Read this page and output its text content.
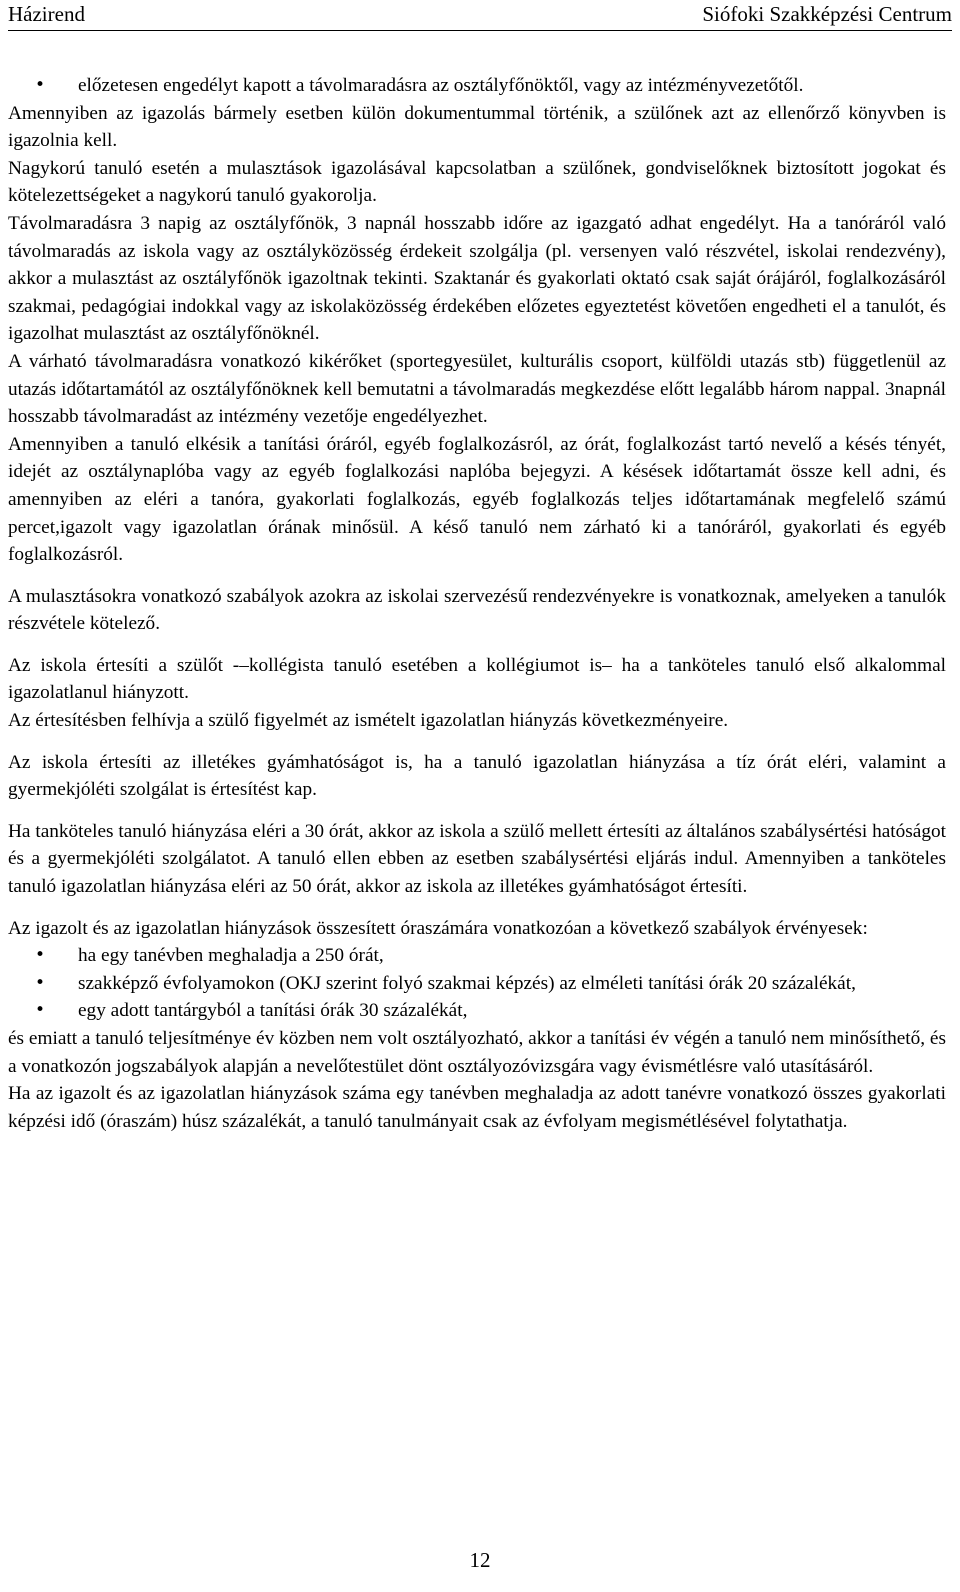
Házirend	Siófoki Szakképzési Centrum
• előzetesen engedélyt kapott a távolmaradásra az osztályfőnöktől, vagy az intézményvezetőtől.

Amennyiben az igazolás bármely esetben külön dokumentummal történik, a szülőnek azt az ellenőrző könyvben is igazolnia kell.

Nagykorú tanuló esetén a mulasztások igazolásával kapcsolatban a szülőnek, gondviselőknek biztosított jogokat és kötelezettségeket a nagykorú tanuló gyakorolja.

Távolmaradásra 3 napig az osztályfőnök, 3 napnál hosszabb időre az igazgató adhat engedélyt. Ha a tanóráról való távolmaradás az iskola vagy az osztályközösség érdekeit szolgálja (pl. versenyen való részvétel, iskolai rendezvény), akkor a mulasztást az osztályfőnök igazoltnak tekinti. Szaktanár és gyakorlati oktató csak saját órájáról, foglalkozásáról szakmai, pedagógiai indokkal vagy az iskolaközösség érdekében előzetes egyeztetést követően engedheti el a tanulót, és igazolhat mulasztást az osztályfőnöknél.

A várható távolmaradásra vonatkozó kikérőket (sportegyesület, kulturális csoport, külföldi utazás stb) függetlenül az utazás időtartamától az osztályfőnöknek kell bemutatni a távolmaradás megkezdése előtt legalább három nappal. 3napnál hosszabb távolmaradást az intézmény vezetője engedélyezhet.

Amennyiben a tanuló elkésik a tanítási óráról, egyéb foglalkozásról, az órát, foglalkozást tartó nevelő a késés tényét, idejét az osztálynaplóba vagy az egyéb foglalkozási naplóba bejegyzi. A késések időtartamát össze kell adni, és amennyiben az eléri a tanóra, gyakorlati foglalkozás, egyéb foglalkozás teljes időtartamának megfelelő számú percet,igazolt vagy igazolatlan órának minősül. A késő tanuló nem zárható ki a tanóráról, gyakorlati és egyéb foglalkozásról.

A mulasztásokra vonatkozó szabályok azokra az iskolai szervezésű rendezvényekre is vonatkoznak, amelyeken a tanulók részvétele kötelező.

Az iskola értesíti a szülőt -–kollégista tanuló esetében a kollégiumot is– ha a tanköteles tanuló első alkalommal igazolatlanul hiányzott.

Az értesítésben felhívja a szülő figyelmét az ismételt igazolatlan hiányzás következményeire.

Az iskola értesíti az illetékes gyámhatóságot is, ha a tanuló igazolatlan hiányzása a tíz órát eléri, valamint a gyermekjóléti szolgálat is értesítést kap.

Ha tanköteles tanuló hiányzása eléri a 30 órát, akkor az iskola a szülő mellett értesíti az általános szabálysértési hatóságot és a gyermekjóléti szolgálatot. A tanuló ellen ebben az esetben szabálysértési eljárás indul. Amennyiben a tanköteles tanuló igazolatlan hiányzása eléri az 50 órát, akkor az iskola az illetékes gyámhatóságot értesíti.

Az igazolt és az igazolatlan hiányzások összesített óraszámára vonatkozóan a következő szabályok érvényesek:

• ha egy tanévben meghaladja a 250 órát,
• szakképző évfolyamokon (OKJ szerint folyó szakmai képzés) az elméleti tanítási órák 20 százalékát,
• egy adott tantárgyból a tanítási órák 30 százalékát,

és emiatt a tanuló teljesítménye év közben nem volt osztályozható, akkor a tanítási év végén a tanuló nem minősíthető, és a vonatkozón jogszabályok alapján a nevelőtestület dönt osztályozóvizsgára vagy évismétlésre való utasításáról.

Ha az igazolt és az igazolatlan hiányzások száma egy tanévben meghaladja az adott tanévre vonatkozó összes gyakorlati képzési idő (óraszám) húsz százalékát, a tanuló tanulmányait csak az évfolyam megismétlésével folytathatja.

12
